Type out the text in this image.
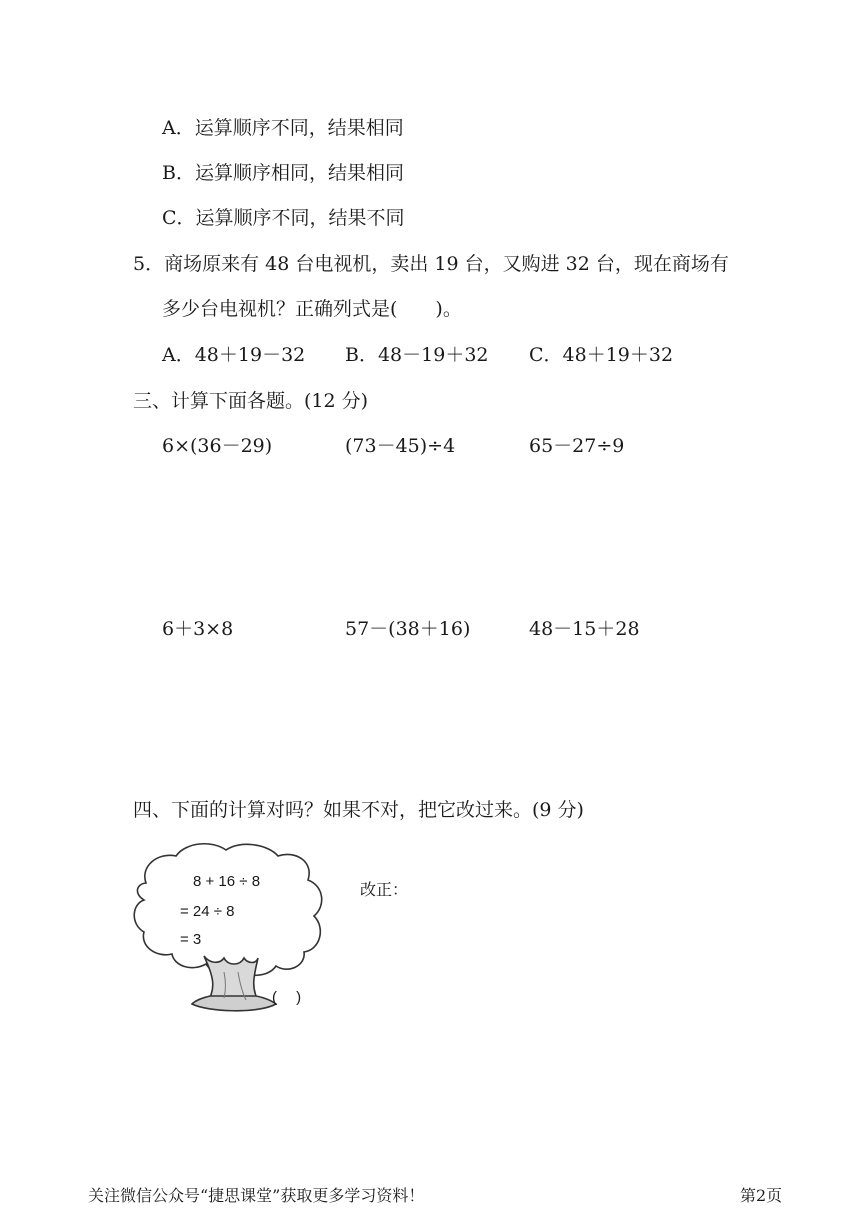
A．运算顺序不同，结果相同
B．运算顺序相同，结果相同
C．运算顺序不同，结果不同
5．商场原来有 48 台电视机，卖出 19 台，又购进 32 台，现在商场有
多少台电视机？正确列式是(　　)。
A．48＋19－32 B．48－19＋32 C．48＋19＋32
三、计算下面各题。(12 分)
6×(36－29)	(73－45)÷4	65－27÷9
6＋3×8	57－(38＋16)	48－15＋28
四、下面的计算对吗？如果不对，把它改过来。(9 分)
8 + 16 ÷ 8
= 24 ÷ 8
= 3
(　 )
改正：
关注微信公众号“捷思课堂”获取更多学习资料！	第2页
